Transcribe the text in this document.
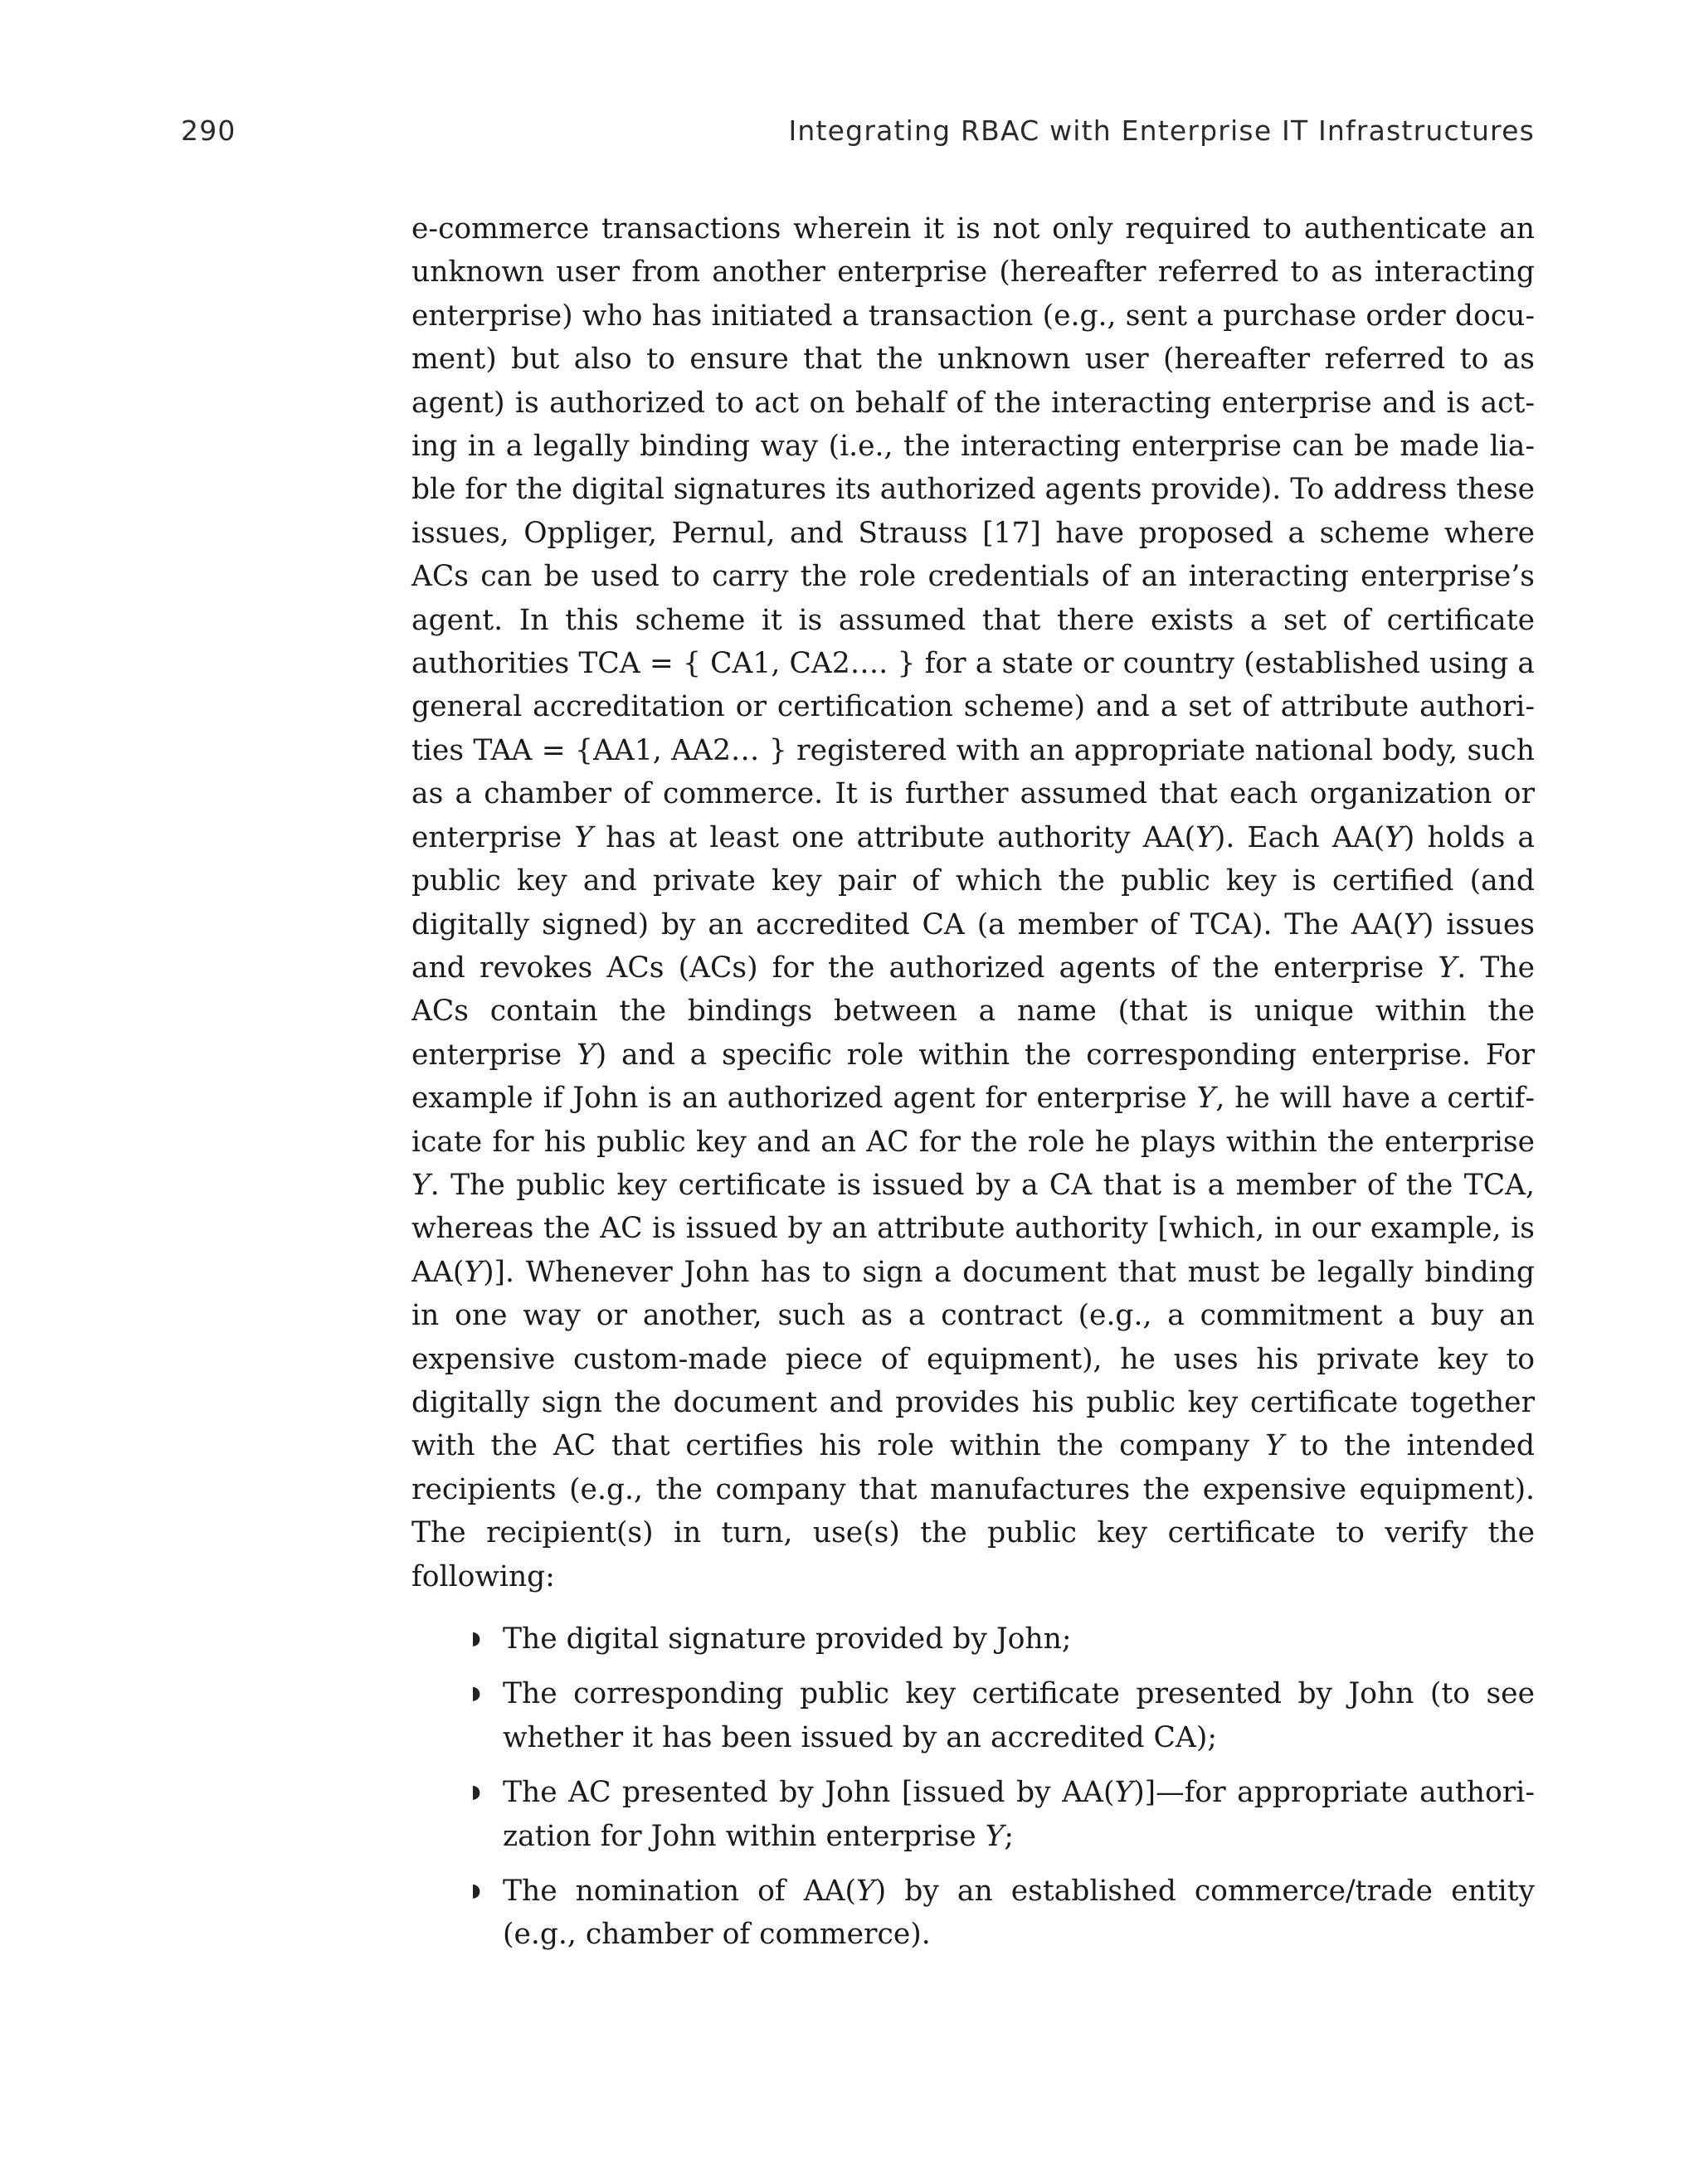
290	Integrating RBAC with Enterprise IT Infrastructures

e-commerce transactions wherein it is not only required to authenticate an unknown user from another enterprise (hereafter referred to as interacting enterprise) who has initiated a transaction (e.g., sent a purchase order document) but also to ensure that the unknown user (hereafter referred to as agent) is authorized to act on behalf of the interacting enterprise and is acting in a legally binding way (i.e., the interacting enterprise can be made liable for the digital signatures its authorized agents provide). To address these issues, Oppliger, Pernul, and Strauss [17] have proposed a scheme where ACs can be used to carry the role credentials of an interacting enterprise’s agent. In this scheme it is assumed that there exists a set of certificate authorities TCA = { CA1, CA2…. } for a state or country (established using a general accreditation or certification scheme) and a set of attribute authorities TAA = {AA1, AA2… } registered with an appropriate national body, such as a chamber of commerce. It is further assumed that each organization or enterprise Y has at least one attribute authority AA(Y). Each AA(Y) holds a public key and private key pair of which the public key is certified (and digitally signed) by an accredited CA (a member of TCA). The AA(Y) issues and revokes ACs (ACs) for the authorized agents of the enterprise Y. The ACs contain the bindings between a name (that is unique within the enterprise Y) and a specific role within the corresponding enterprise. For example if John is an authorized agent for enterprise Y, he will have a certificate for his public key and an AC for the role he plays within the enterprise Y. The public key certificate is issued by a CA that is a member of the TCA, whereas the AC is issued by an attribute authority [which, in our example, is AA(Y)]. Whenever John has to sign a document that must be legally binding in one way or another, such as a contract (e.g., a commitment a buy an expensive custom-made piece of equipment), he uses his private key to digitally sign the document and provides his public key certificate together with the AC that certifies his role within the company Y to the intended recipients (e.g., the company that manufactures the expensive equipment). The recipient(s) in turn, use(s) the public key certificate to verify the following:

◗ The digital signature provided by John;
◗ The corresponding public key certificate presented by John (to see whether it has been issued by an accredited CA);
◗ The AC presented by John [issued by AA(Y)]—for appropriate authorization for John within enterprise Y;
◗ The nomination of AA(Y) by an established commerce/trade entity (e.g., chamber of commerce).
